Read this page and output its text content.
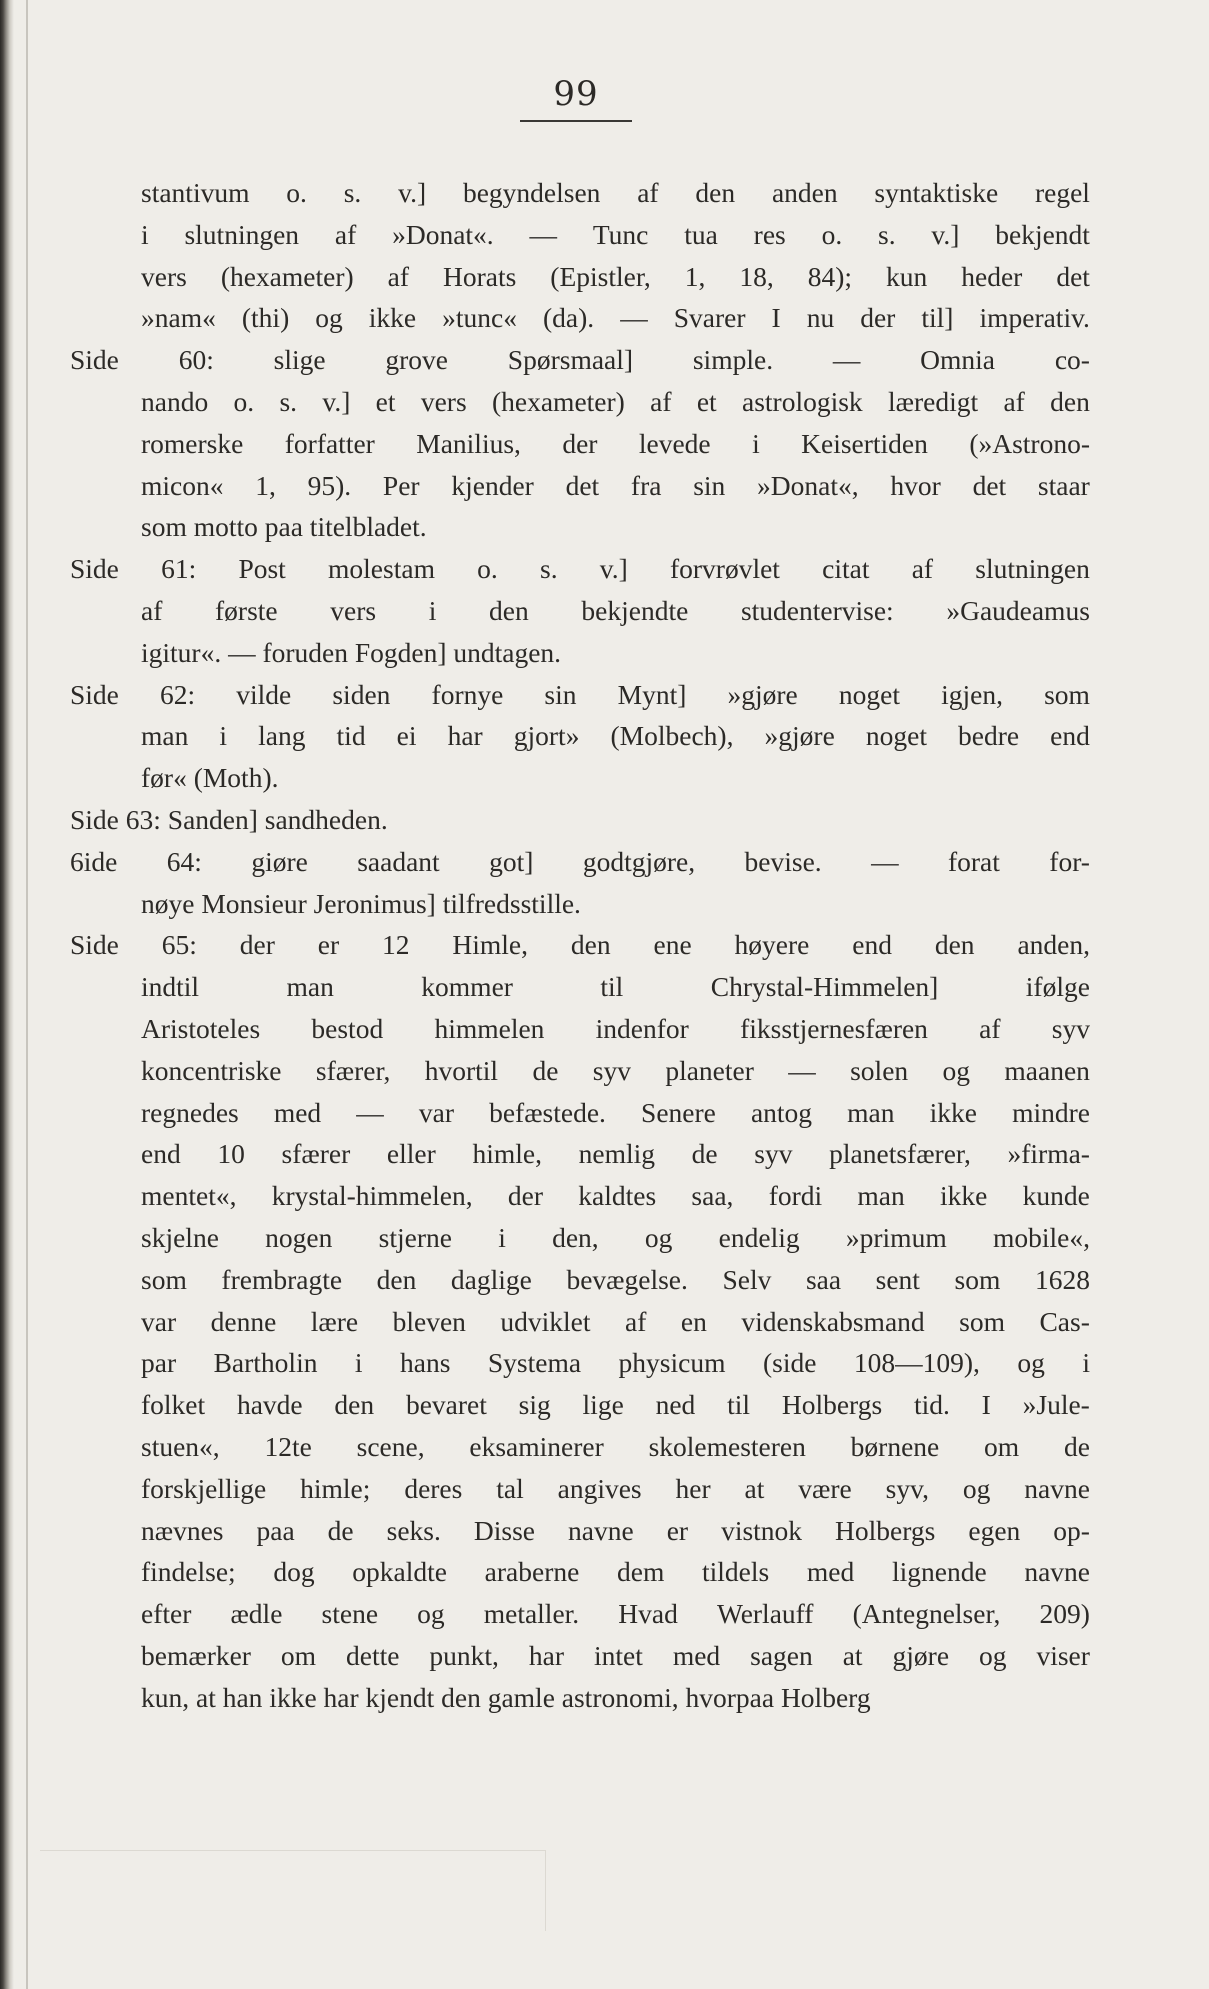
99
stantivum o. s. v.] begyndelsen af den anden syntaktiske regel
i slutningen af »Donat«. — Tunc tua res o. s. v.] bekjendt
vers (hexameter) af Horats (Epistler, 1, 18, 84); kun heder det
»nam« (thi) og ikke »tunc« (da). — Svarer I nu der til] imperativ.
Side 60: slige grove Spørsmaal] simple. — Omnia co-
nando o. s. v.] et vers (hexameter) af et astrologisk læredigt af den
romerske forfatter Manilius, der levede i Keisertiden (»Astrono-
micon« 1, 95). Per kjender det fra sin »Donat«, hvor det staar
som motto paa titelbladet.
Side 61: Post molestam o. s. v.] forvrøvlet citat af slutningen
af første vers i den bekjendte studentervise: »Gaudeamus
igitur«. — foruden Fogden] undtagen.
Side 62: vilde siden fornye sin Mynt] »gjøre noget igjen, som
man i lang tid ei har gjort» (Molbech), »gjøre noget bedre end
før« (Moth).
Side 63: Sanden] sandheden.
6ide 64: giøre saadant got] godtgjøre, bevise. — forat for-
nøye Monsieur Jeronimus] tilfredsstille.
Side 65: der er 12 Himle, den ene høyere end den anden,
indtil	man	kommer	til	Chrystal-Himmelen]	ifølge
Aristoteles bestod himmelen indenfor fiksstjernesfæren af syv
koncentriske sfærer, hvortil de syv planeter — solen og maanen
regnedes med — var befæstede. Senere antog man ikke mindre
end 10 sfærer eller himle, nemlig de syv planetsfærer, »firma-
mentet«, krystal-himmelen, der kaldtes saa, fordi man ikke kunde
skjelne nogen stjerne i den, og endelig »primum mobile«,
som frembragte den daglige bevægelse. Selv saa sent som 1628
var denne lære bleven udviklet af en videnskabsmand som Cas-
par Bartholin i hans Systema physicum (side 108—109), og i
folket havde den bevaret sig lige ned til Holbergs tid. I »Jule-
stuen«, 12te scene, eksaminerer skolemesteren børnene om de
forskjellige himle; deres tal angives her at være syv, og navne
nævnes paa de seks. Disse navne er vistnok Holbergs egen op-
findelse; dog opkaldte araberne dem tildels med lignende navne
efter ædle stene og metaller. Hvad Werlauff (Antegnelser, 209)
bemærker om dette punkt, har intet med sagen at gjøre og viser
kun, at han ikke har kjendt den gamle astronomi, hvorpaa Holberg
